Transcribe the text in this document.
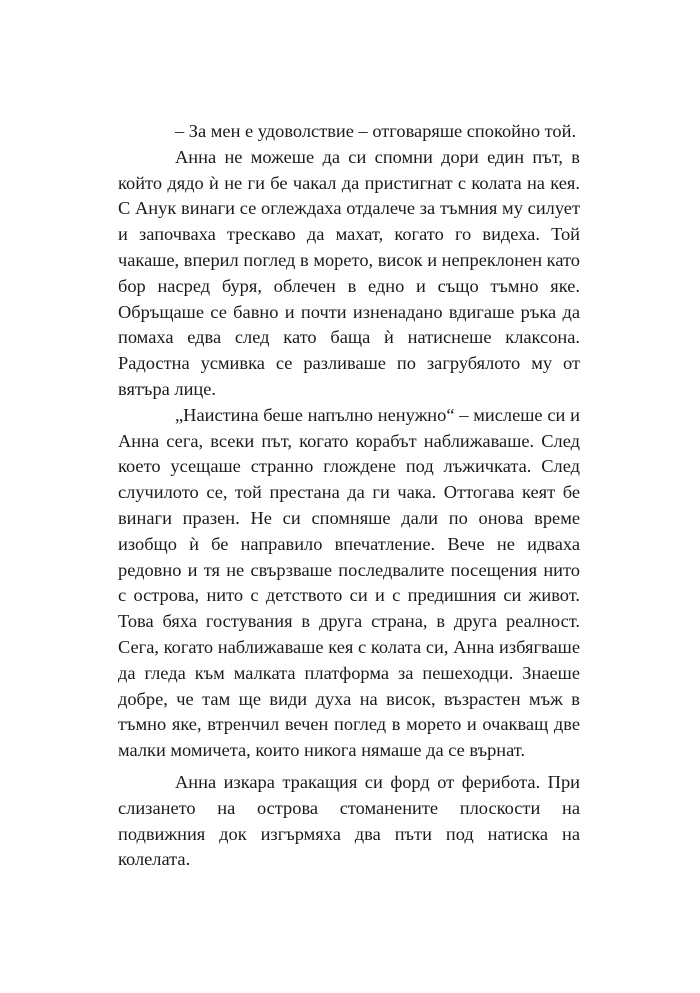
– За мен е удоволствие – отговаряше спокойно той.

Анна не можеше да си спомни дори един път, в който дядо ѝ не ги бе чакал да пристигнат с колата на кея. С Анук винаги се оглеждаха отдалече за тъмния му силует и започваха трескаво да махат, когато го видеха. Той чакаше, вперил поглед в морето, висок и непреклонен като бор насред буря, облечен в едно и също тъмно яке. Обръщаше се бавно и почти изненадано вдигаше ръка да помаха едва след като баща ѝ натиснеше клаксона. Радостна усмивка се разливаше по загрубялото му от вятъра лице.

„Наистина беше напълно ненужно“ – мислеше си и Анна сега, всеки път, когато корабът наближаваше. След което усещаше странно глождене под лъжичката. След случилото се, той престана да ги чака. Оттогава кеят бе винаги празен. Не си спомняше дали по онова време изобщо ѝ бе направило впечатление. Вече не идваха редовно и тя не свързваше последвалите посещения нито с острова, нито с детството си и с предишния си живот. Това бяха гостувания в друга страна, в друга реалност. Сега, когато наближаваше кея с колата си, Анна избягваше да гледа към малката платформа за пешеходци. Знаеше добре, че там ще види духа на висок, възрастен мъж в тъмно яке, втренчил вечен поглед в морето и очакващ две малки момичета, които никога нямаше да се върнат.

Анна изкара тракащия си форд от ферибота. При слизането на острова стоманените плоскости на подвижния док изгърмяха два пъти под натиска на колелата.
